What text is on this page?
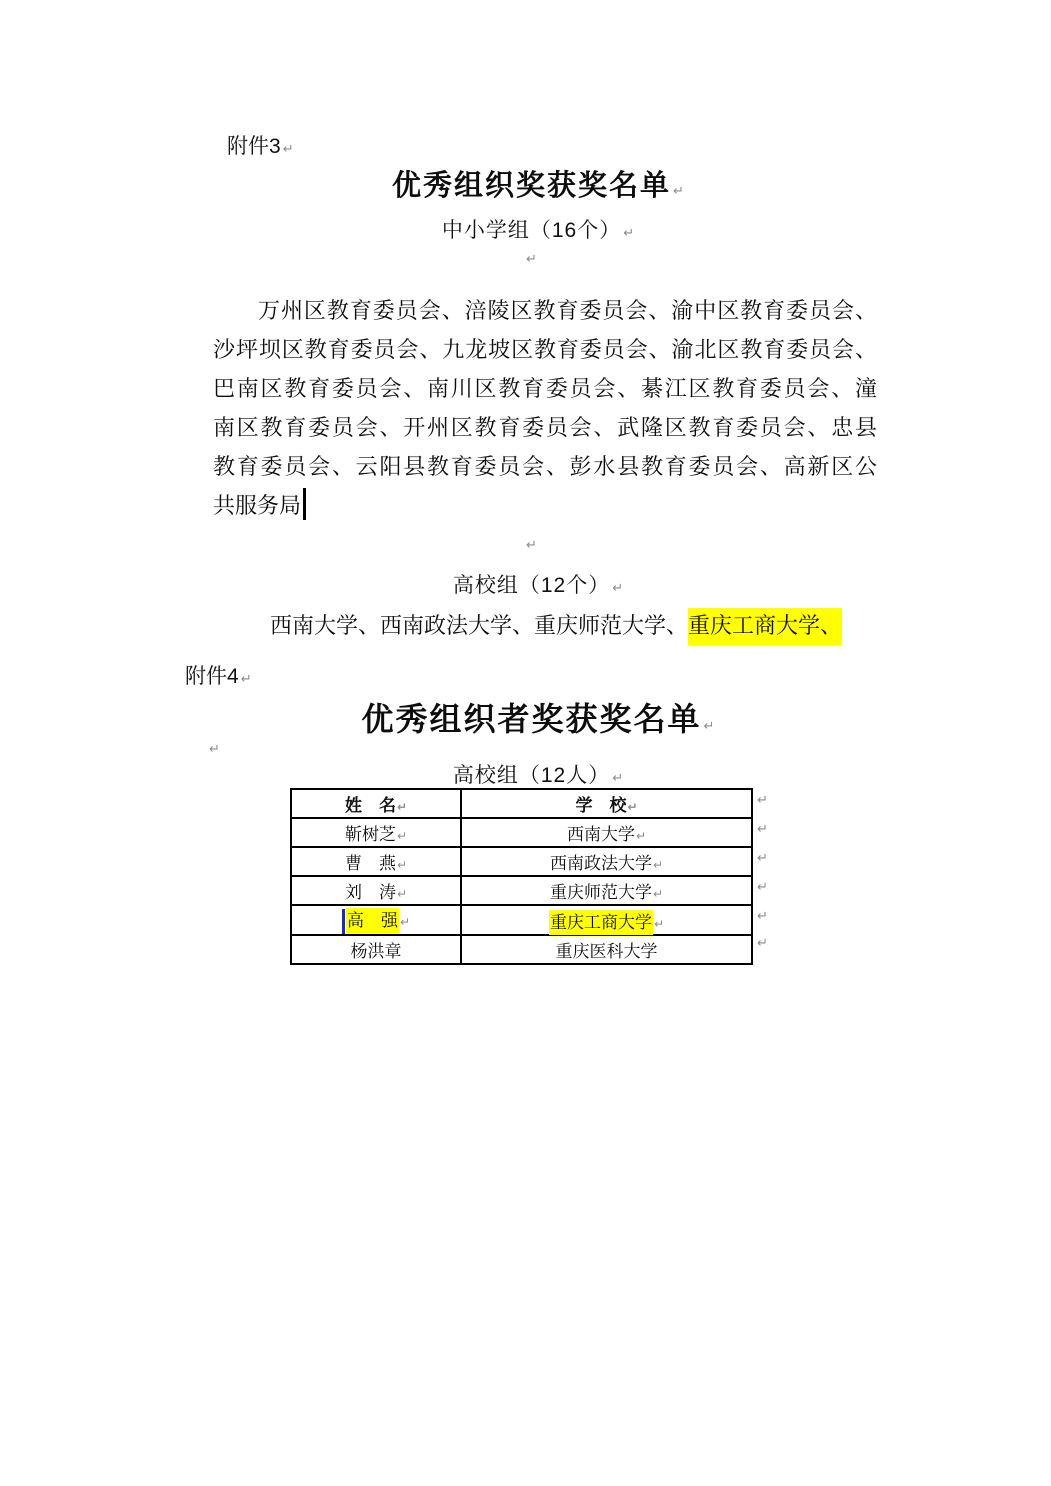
附件3 ↵
优秀组织奖获奖名单 ↵
中小学组（16个） ↵
↵
万州区教育委员会、涪陵区教育委员会、渝中区教育委员会、
沙坪坝区教育委员会、九龙坡区教育委员会、渝北区教育委员会、
巴南区教育委员会、南川区教育委员会、綦江区教育委员会、潼
南区教育委员会、开州区教育委员会、武隆区教育委员会、忠县
教育委员会、云阳县教育委员会、彭水县教育委员会、高新区公
共服务局
↵
高校组（12个） ↵
西南大学、西南政法大学、重庆师范大学、重庆工商大学、
附件4 ↵
优秀组织者奖获奖名单 ↵
↵
高校组（12人） ↵
姓　名↵	学　校↵
靳树芝↵	西南大学↵
曹　燕↵	西南政法大学↵
刘　涛↵	重庆师范大学↵
高　强 ↵	重庆工商大学 ↵
杨洪章	重庆医科大学
↵
↵
↵
↵
↵
↵
